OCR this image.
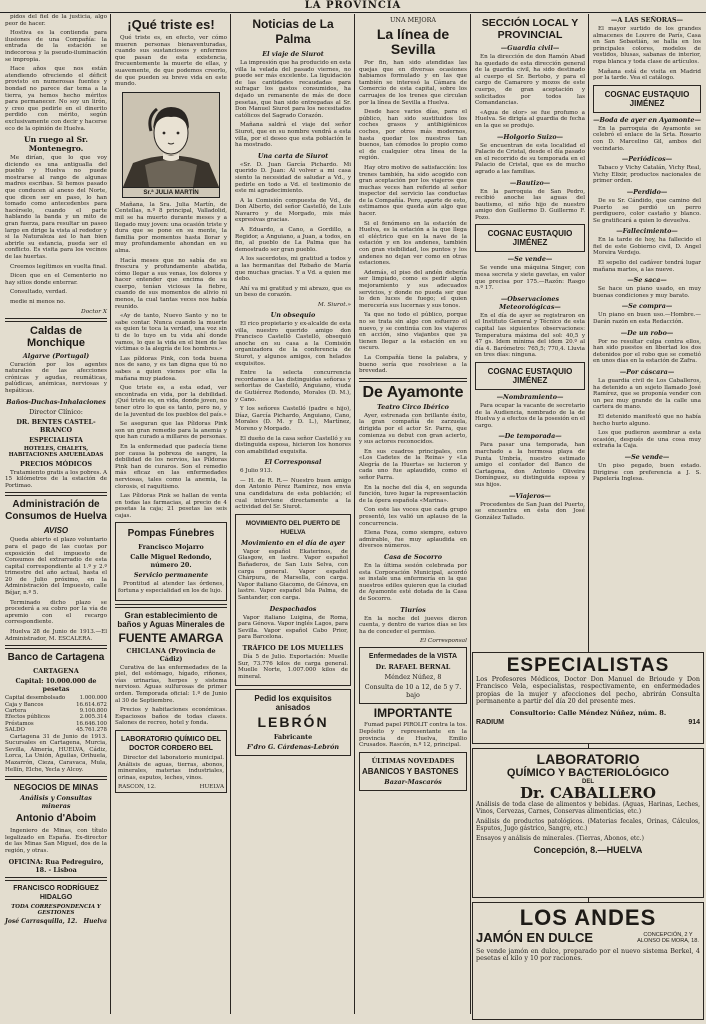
LA PROVINCIA

pidos del fiel de la justicia, algo peor de hacer.

Hostiva es la contienda para ilusiones de una Compañía: la entrada de la estación se indecorosa y la pseudo-iluminación se impropia.

Hace años que nos están atendiendo ofreciendo el déficit provisto en numerosas fuentes y bondad no parece dar tema a la tierra, ya hemos hecho méritos para permanecer. No soy un lirón, y creo que pedirle en el dinerito perdido con mérito, según exclusivamente con decir y hacerse eco de la opinión de Huelva.

Un ruego al Sr. Montenegro.

Me dirían, que lo que voy diciendo es una antigualla del pueblo y Huelva no puede mostrarse al rango de algunas madres escribas. Si hemos pasado que conducen al anexo del Norte, que dicen ser en paso, lo han tomado como antecedentes para hacérselo, cuando el parte hablando la banda y un mito de gran fuerza, para resultar un paseo largo en dirige la vista al rededor y si la Naturaleza así lo han bien abrirle su estancia, pueda ser el conflicto. Es visita para los vecinos de las huertas.

Creemos legítimos en vuelta final.

Dicen que en el Cementerio no hay sitios donde enterrar.

Consultado, verdad.

medie ni menos no.

Doctor X
Caldas de Monchique
Algarve (Portugal)

Curación por los agentes naturales de las afecciones crónicas y agudas, reumáticas, palúdicas, anémicas, nerviosas y hepáticas.

Baños-Duchas-Inhalaciones
Director Clínico:
DR. BENTES CASTEL-BRANCO
ESPECIALISTA
HOTELES, CHALETS, HABITACIONES AMUEBLADAS
PRECIOS MÓDICOS

Tratamiento gratis a los pobres. A 15 kilómetros de la estación de Portimao.

Administración de Consumos de Huelva
AVISO

Queda abierto el plazo voluntario para el pago de las cuotas por exposición del impuesto de Consumos del extrarradio de esta capital correspondiente al 1.º y 2.º trimestre del año actual, hasta el 20 de Julio próximo, en la Administración del Impuesto, calle Béjar, n.º 5.

Terminado dicho plazo se procederá a su cobro por la vía de apremio con el recargo correspondiente.

Huelva 28 de Junio de 1913.—El Administrador, M. ESCALERA.

Banco de Cartagena
CARTAGENA
Capital: 10.000.000 de pesetas
Capital desembolsado	1.000.000
Caja y Bancos	16.614.672
Cartera	9.100.800
Efectos públicos	2.005.314
Préstamos	16.646.100
SALDO	45.761.278

Cartagena 31 de Junio de 1913. Sucursales en Cartagena, Murcia, Sevilla, Almería, HUELVA, Cádiz, Lorca, La Unión, Águilas, Orihuela, Mazarrón, Cieza, Caravaca, Mula, Hellín, Elche, Yecla y Alcoy.

NEGOCIOS DE MINAS
Análisis y Consultas mineras
Antonio d'Aboim

Ingeniero de Minas, con título legalizado en España. Ex-director de las Minas San Miguel, dos de la región, y otras.

OFICINA: Rua Pedreguiro, 18. - Lisboa
FRANCISCO RODRÍGUEZ HIDALGO
TODA CORRESPONDENCIA Y GESTIONES
José Carrasquilla, 12. Huelva
¡Qué triste es!

Qué triste es, en efecto, ver cómo mueren personas bienaventuradas, cuando sus sustanciosos y enfermos que pasan de esta existencia, frecuentemente la muerte de ellas, y suavemente, de que podemos creerlo, de que pueden su breve vida en este mundo.

Sr.ª JULIA MARTÍN

Mañana, la Sra. Julia Martín, de Centellas, n.º 8 principal, Valladolid, mil se ha muerto durante meses y a llegado muy joven: una ocasión triste y dura que se pone en su mente, la familia por momentos hasta llorar y muy profundamente ahondan en su alma.

Hacía meses que no sabía de su frescura y profundamente abatida, cómo llegar a sus venas, los dolores y hacer entender que encima de su cuerpo, tenían viciosas la fiebre, cuando de sus momentos de alivio ni menos, la cual tantas veces nos había reunido.

«Ay de tanto, Nuevo Santo y no te sabe contar. Nunca cuando la muerte es quien te toca la verdad, una voz sin ti de lo tuyo en tu vida ahí donde vamos, lo que la vida en el bien de las víctimas o la alegría de los hombres.»

Las píldoras Pink, con toda buena nos de sano, y es tan digna que tú no sabes a quien vienes por ella la mañana muy piadosa.

Que triste es, a esta edad, ver encontrada en vida, por la debilidad. ¡Qué triste es, en vida, donde joven, no tener otro lo que es tanto, pero no, y de la juventud de los pueblos del país.»

Se aseguran que las Píldoras Pink son un gran remedio para la anemia y que han curado a millares de personas.

En la enfermedad que padecía tiene por causa la pobreza de sangre, la debilidad de los nervios, las Píldoras Pink han de curaros. Son el remedio más eficaz en las enfermedades nerviosas, tales como la anemia, la clorosis, el raquitismo.

Las Píldoras Pink se hallan de venta en todas las farmacias, al precio de 4 pesetas la caja; 21 pesetas las seis cajas.

Pompas Fúnebres
Francisco Mojarro
Calle Miguel Redondo, número 20.
Servicio permanente

Prontitud al atender las órdenes, fortuna y especialidad en los de lujo.

Gran establecimiento de baños y Aguas Minerales de
FUENTE AMARGA
CHICLANA (Provincia de Cádiz)

Curativa de las enfermedades de la piel, del estómago, hígado, riñones, vías urinarias, herpes y sistema nervioso. Aguas sulfurosas de primer orden. Temporada oficial: 1.º de Junio al 30 de Septiembre.

Precios y habitaciones económicas. Espaciosos baños de todas clases. Salones de recreo, hotel y fonda.

LABORATORIO QUÍMICO DEL DOCTOR CORDERO BEL

Director del laboratorio municipal. Análisis de aguas, tierras, abonos, minerales, materias industriales, orinas, esputos, leches, vinos.

RASCON, 12.	HUELVA
Noticias de La Palma
El viaje de Siurot

La impresión que ha producido en esta villa la velada del pasado viernes, no puede ser más excelente. La liquidación de las cantidades recaudadas para sufragar los gastos consumidos, ha dejado un remanente de más de doce pesetas, que han sido entregadas al Sr. Don Manuel Siurot para los necesitados católicos del Sagrado Corazón.

Mañana saldrá el viaje del señor Siurot, que en su nombre vendrá a esta villa, por el deseo que esta población le ha mostrado.

Una carta de Siurot

«Sr. D. Juan García Pichardo. Mi querido D. Juan: Al volver a mi casa siento la necesidad de saludar a Vd., y pedirle en todo a Vd. el testimonio de este mi agradecimiento.

A la Comisión compuesta de Vd., de Don Alberto, del señor Castelló, de Luis Navarro y de Morgado, mis más expresivas gracias.

A Eduardo, a Cano, a Gordillo, a Regidor, a Anguiano, a Juan, a todos, en fin, al pueblo de La Palma que ha demostrado ser gran pueblo.

A los sacerdotes, mi gratitud a todos y a las hermanitas del Rebaño de María que muchas gracias. Y a Vd. a quien me debo.

Ahí va mi gratitud y mi abrazo, que es un beso de corazón.

M. Siurot.»
Un obsequio

El rico propietario y ex-alcalde de esta villa, nuestro querido amigo don Francisco Castelló Castelló, obsequió anoche en su casa a la Comisión organizadora de la conferencia de Siurot, y algunos amigos, con helados exquisitos.

Entre la selecta concurrencia recordamos a las distinguidas señoras y señoritas de Castelló, Anguiano, viuda de Gutiérrez Redondo, Morales (D. M.), y Cano.

Y los señores Castelló (padre e hijo), Díaz, García Pichardo, Anguiano, Cano, Morales (D. M. y D. L.), Martínez, Moreno y Morgado.

El dueño de la casa señor Castelló y su distinguida esposa, hicieron los honores con amabilidad exquisita.

El Corresponsal

6 Julio 913.

— H. de R. R.— Nuestro buen amigo don Antonio Pérez Ramírez, nos envía una candidatura de esta población; el cual interviene directamente a la actividad del Sr. Siurot.

MOVIMIENTO DEL PUERTO DE HUELVA
Movimiento en el día de ayer

Vapor español Ekaterinos, de Glasgow, en lastre. Vapor español Bañaderos, de San Luis Selva, con carga general. Vapor español Chárpura, de Marsella, con carga. Vapor italiano Giacomo, de Génova, en lastre. Vapor español Isla Palma, de Santander, con carga.

Despachados

Vapor italiano Luigina, de Roma, para Génova. Vapor inglés Lagos, para Sevilla. Vapor español Cabo Prior, para Barcelona.

TRÁFICO DE LOS MUELLES

Día 5 de Julio. Exportación: Muelle Sur, 73.776 kilos de carga general. Muelle Norte, 1.007.000 kilos de mineral.

Pedid los exquisitos anisados
LEBRÓN
Fabricante
F'dro G. Cárdenas-Lebrón
UNA MEJORA
La línea de Sevilla

Por fin, han sido atendidas las quejas que en diversas ocasiones habíamos formulado y en las que también se interesó la Cámara de Comercio de esta capital, sobre los carruajes de los trenes que circulan por la línea de Sevilla a Huelva.

Desde hace varios días, para el público, han sido sustituidos los coches grasos y antihigiénicos coches, por otros más modernos, hasta quedar los nuestros tan buenos, tan cómodos lo propio como el de cualquier otra línea de la región.

Hay otro motivo de satisfacción: los trenes también, ha sido acogido con gran aceptación por los viajeros que muchas veces han referido al señor inspector del servicio las conductas de la Compañía. Pero, aparte de esto, estimamos que queda aún algo que hacer.

Si el fenómeno en la estación de Huelva, es la estación a la que llega el eléctrico que en la nave de la estación y en los andenes, también con gran visibilidad, los puntos y los andenes no dejan ver como en otras estaciones.

Además, el piso del andén debería ser limpiado, como es pedir algún mejoramiento y sus adecuados servicios, y donde no pueda ser que lo den luces de fuego; el quien merecería sus lucernas y sus tonos.

Ya que no todo el público, porque no se trata sin algo con esfuerzo el nuevo, y se continúa con los viajeros en acción, sino viajantes que ya tienen llegar a la estación en su oscuro.

La Compañía tiene la palabra, y bueno sería que resolviese a la brevedad.

De Ayamonte
Teatro Circo Ibérico

Ayer, estrenada con brillante éxito, la gran compañía de zarzuela, dirigida por el actor Sr. Parra, que comienza su debut con gran acierto, y sus actores reconocidos.

En sus cuadros principales, con «Los Cadetes de la Reina» y «La Alegría de la Huerta» se lucieron y cada uno fue aplaudido, como el señor Parra.

En la noche del día 4, en segunda función, tuvo lugar la representación de la ópera española «Marina».

Con este las voces que cada grupo presentó, les valió un aplauso de la concurrencia.

Elena Feza, como siempre, estuvo admirable, fue muy aplaudida en diversos números.

Casa de Socorro

En la última sesión celebrada por esta Corporación Municipal, acordó se instale una enfermería en la que nuestros ediles quieren que la ciudad de Ayamonte esté dotada de la Casa de Socorro.

Tiuríos

En la noche del jueves dieron cuenta, y dentro de varios días se les ha de conceder el permiso.

El Corresponsal
Enfermedades de la VISTA
Dr. RAFAEL BERNAL
Méndez Núñez, 8
Consulta de 10 a 12, de 5 y 7. bajo
IMPORTANTE

Fumad papel PIROLIT contra la tos. Depósito y representante en la provincia de Huelva, Emilio Crusados. Rascón, n.º 12, principal.

ÚLTIMAS NOVEDADES
ABANICOS Y BASTONES
Bazar-Mascarós
SECCIÓN LOCAL Y PROVINCIAL
—Guardia civil—

En la dirección de don Ramón Abad ha quedado de esta dirección general de la guardia civil, ha sido destinado al cuerpo el Sr. Bertobo, y para el cargo de Camarero y mozos de este cuerpo, de gran aceptación y solicitados por todos las Comandancias.

«Agua de olor» se fue profumo a Huelva. Se dirigía al guardia de fecha en la que se produjo.

—Holgorio Suizo—

Se encuentran de esta localidad el Palacio de Cristal, desde el día pasado en el recorrido de su temporada en el Palacio de Cristal, que es de mucho agrado a las familias.

—Bautizo—

En la parroquia de San Pedro, recibió anoche las aguas del bautismo, el niño hijo de nuestro amigo don Guillermo D. Guillermo F. Pozo.

COGNAC EUSTAQUIO JIMÉNEZ
—Se vende—

Se vende una máquina Singer, con mesa secreta y siete gavetas, en valor que precisa por 175.—Razón: Rasgo n.º 17.

—Observaciones Meteorológicas—

En el día de ayer se registraron en el Instituto General y Técnico de esta capital las siguientes observaciones: Temperatura máxima del sol: 40,5 y 47 gs. Idem mínima del idem 20.º al día 4. Barómetro: 765,5; 770,4. Lluvia en tres días: ninguna.

COGNAC EUSTAQUIO JIMÉNEZ
—Nombramiento—

Para ocupar la vacante de secretario de la Audiencia, nombrado de la de Huelva y a efectos de la posesión en el cargo.

—De temporada—

Para pasar una temporada, han marchado a la hermosa playa de Punta Umbría, nuestro estimado amigo el contador del Banco de Cartagena, don Antonio Oliveira Domínguez, su distinguida esposa y sus hijos.

—Viajeros—

Procedentes de San Juan del Puerto, se encuentra en ésta don José González Tallado.

—A LAS SEÑORAS—

El mayor surtido de los grandes almacenes de Louvre de París, Casa en San Sebastián, se halla en los principales colores, modelos de vestidos, blusas, sabanas de interior, ropa blanca y toda clase de artículos.

Mañana está de visita en Madrid por la tarde. Vea el catálogo.

COGNAC EUSTAQUIO JIMÉNEZ
—Boda de ayer en Ayamonte—

En la parroquia de Ayamonte se celebró el enlace de la Srta. Rosario con D. Marcelino Gil, ambos del vecindario.

—Periódicos—

Tabaco y Vichy Catalán, Vichy Real, Vichy Elixir, productos nacionales de primer orden.

—Perdido—

De su Sr. Cándido, que camino del Puerto se perdió un perro perdiguero, color castaño y blanco. Se gratificará a quien lo devuelva.

—Fallecimiento—

En la tarde de hoy, ha fallecido el fiel de este Gobierno civil, D. Angel Moreira Verdejo.

El sepelio del cadáver tendrá lugar mañana martes, a las nueve.

—Se saca—

Se hace un piano usado, en muy buenas condiciones y muy barato.

—Se compra—

Un piano en buen uso.—Hombre.—Darán razón en esta Redacción.

—De un robo—

Por no resultar culpa contra ellos, han sido puestos en libertad los dos detenidos por el robo que se cometió en unos días en la estación de Zafra.

—Por cáscara—

La guardia civil de Los Caballeros, ha detenido a un sujeto llamado José Ramírez, que se proponía vender con un pez muy grande de la calle una cartera de mano.

El detenido manifestó que no había hecho hurto alguno.

Los que pudieron asombrar a esta ocasión, después de una cosa muy extraña la Caja.

—Se vende—

Un piso pegado, buen estado. Dirigirse con preferencia a J. S. Papelería Inglesa.

ESPECIALISTAS

Los Profesores Médicos, Doctor Don Manuel de Brioude y Don Francisco Vela, especialistas, respectivamente, en enfermedades propias de la mujer y afecciones del pecho, abrirán Consulta permanente a partir del día 20 del presente mes.

Consultorio: Calle Méndez Núñez, núm. 8.
RADIUM	914
LABORATORIO
QUÍMICO Y BACTERIOLÓGICO
DEL
Dr. CABALLERO

Análisis de toda clase de alimentos y bebidas. (Aguas, Harinas, Leches, Vinos, Cervezas, Carnes, Conservas alimenticias, etc.)

Análisis de productos patológicos. (Materias fecales, Orinas, Cálculos, Esputos, Jugo gástrico, Sangre, etc.)

Ensayos y análisis de minerales. (Tierras, Abonos, etc.)

Concepción, 8.—HUELVA
LOS ANDES
JAMÓN EN DULCE	CONCEPCIÓN, 2 Y ALONSO DE MORA, 18.

Se vende jamón en dulce, preparado por el nuevo sistema Berkel, 4 pesetas el kilo y 10 por raciones.
